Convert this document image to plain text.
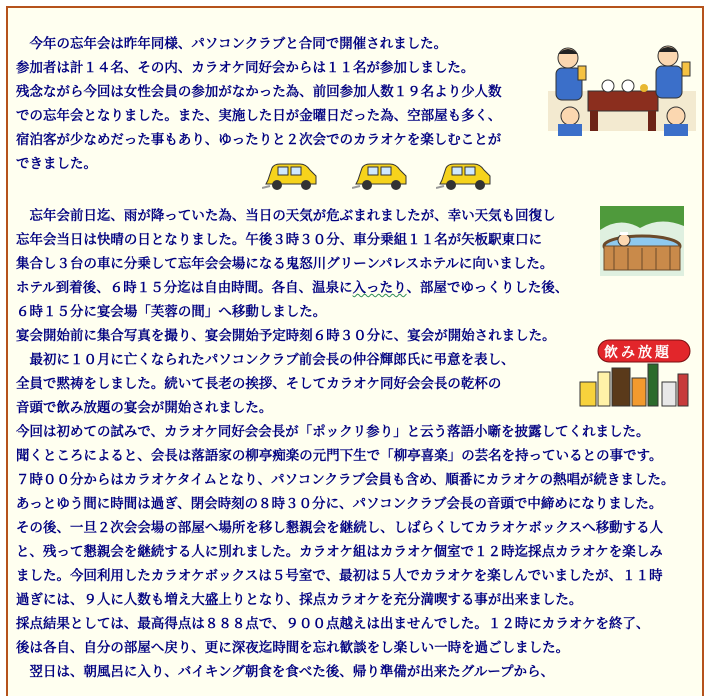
　今年の忘年会は昨年同様、パソコンクラブと合同で開催されました。
参加者は計１４名、その内、カラオケ同好会からは１１名が参加しました。
残念ながら今回は女性会員の参加がなかった為、前回参加人数１９名より少人数
での忘年会となりました。また、実施した日が金曜日だった為、空部屋も多く、
宿泊客が少なめだった事もあり、ゆったりと２次会でのカラオケを楽しむことが
できました。
　忘年会前日迄、雨が降っていた為、当日の天気が危ぶまれましたが、幸い天気も回復し
忘年会当日は快晴の日となりました。午後３時３０分、車分乗組１１名が矢板駅東口に
集合し３台の車に分乗して忘年会会場になる鬼怒川グリーンパレスホテルに向いました。
ホテル到着後、６時１５分迄は自由時間。各自、温泉に入ったり、部屋でゆっくりした後、
６時１５分に宴会場「芙蓉の間」へ移動しました。
宴会開始前に集合写真を撮り、宴会開始予定時刻６時３０分に、宴会が開始されました。
　最初に１０月に亡くなられたパソコンクラブ前会長の仲谷輝郎氏に弔意を表し、
全員で黙祷をしました。続いて長老の挨拶、そしてカラオケ同好会会長の乾杯の
音頭で飲み放題の宴会が開始されました。
今回は初めての試みで、カラオケ同好会会長が「ポックリ参り」と云う落語小噺を披露してくれました。
聞くところによると、会長は落語家の柳亭痴楽の元門下生で「柳亭喜楽」の芸名を持っているとの事です。
７時００分からはカラオケタイムとなり、パソコンクラブ会員も含め、順番にカラオケの熱唱が続きました。
あっとゆう間に時間は過ぎ、閉会時刻の８時３０分に、パソコンクラブ会長の音頭で中締めになりました。
その後、一旦２次会会場の部屋へ場所を移し懇親会を継続し、しばらくしてカラオケボックスへ移動する人
と、残って懇親会を継続する人に別れました。カラオケ組はカラオケ個室で１２時迄採点カラオケを楽しみ
ました。今回利用したカラオケボックスは５号室で、最初は５人でカラオケを楽しんでいましたが、１１時
過ぎには、９人に人数も増え大盛上りとなり、採点カラオケを充分満喫する事が出来ました。
採点結果としては、最高得点は８８８点で、９００点越えは出ませんでした。１２時にカラオケを終了、
後は各自、自分の部屋へ戻り、更に深夜迄時間を忘れ歓談をし楽しい一時を過ごしました。
　翌日は、朝風呂に入り、バイキング朝食を食べた後、帰り準備が出来たグループから、
飲み放題
